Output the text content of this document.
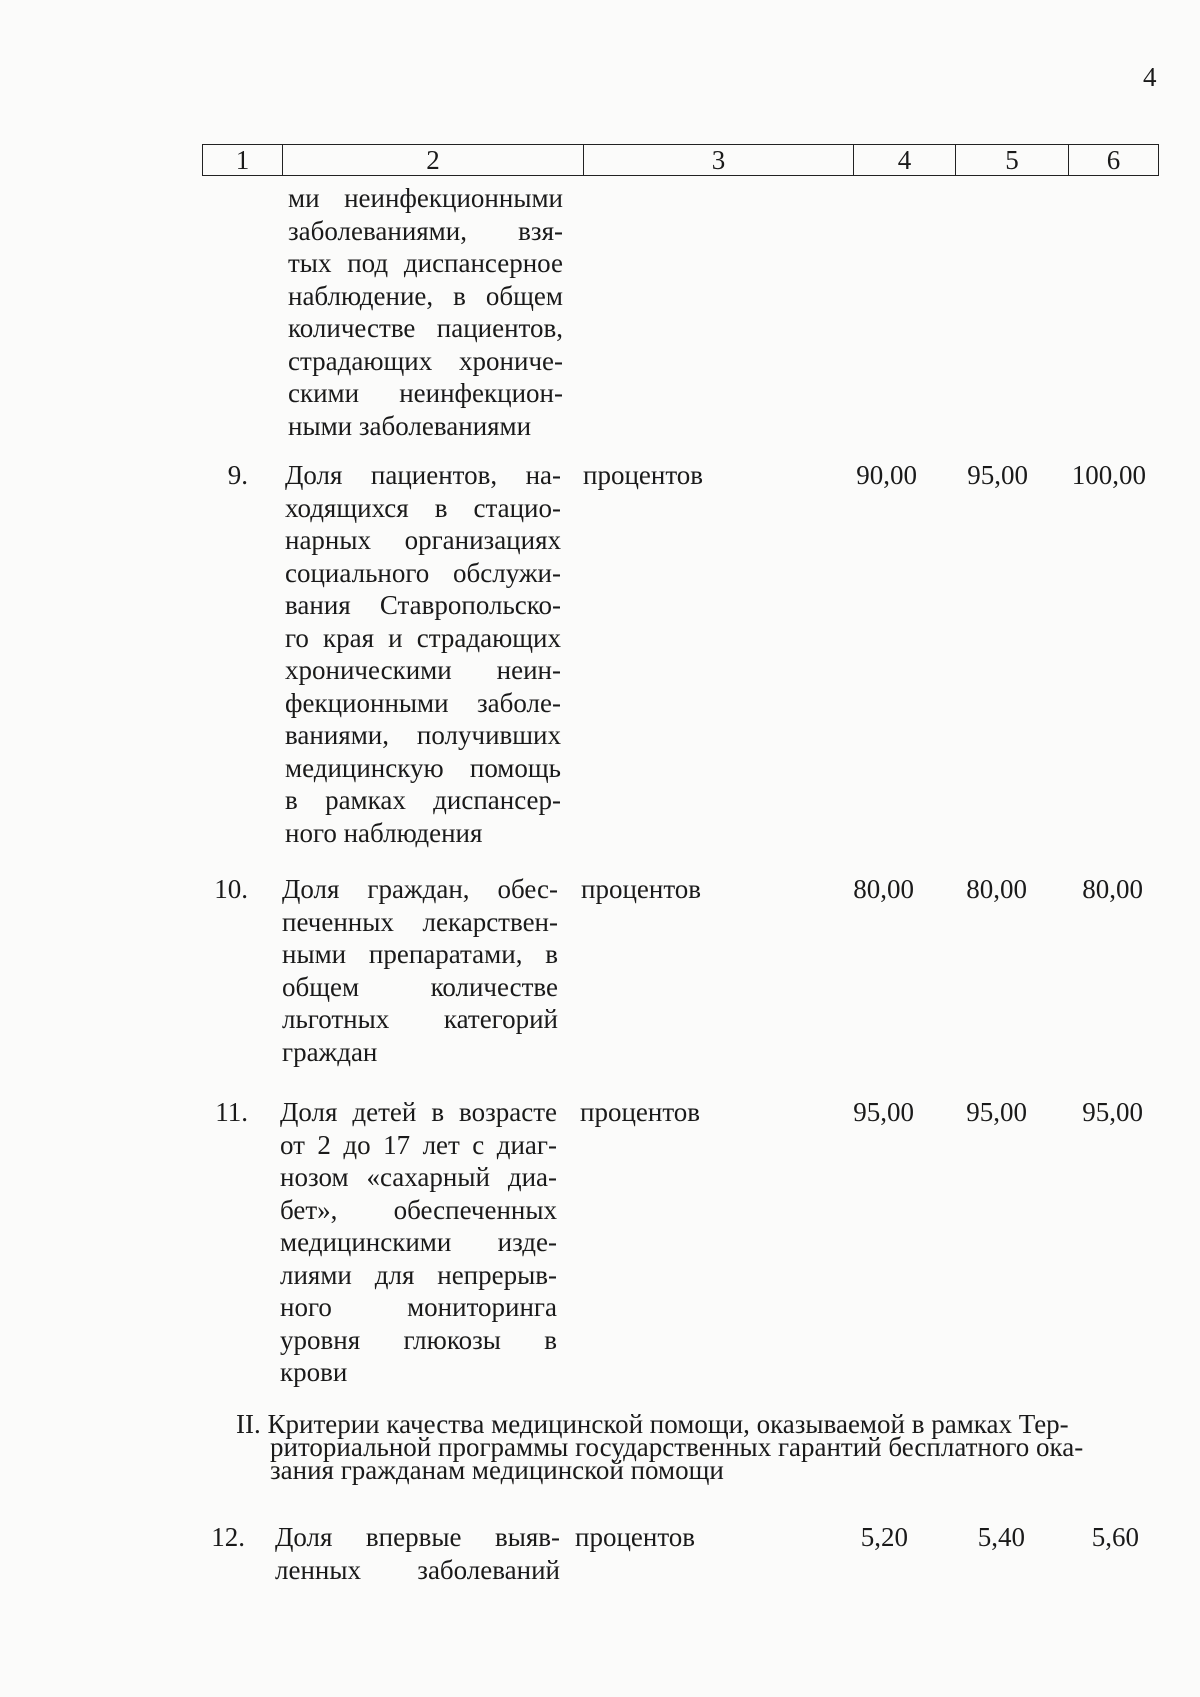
4
1	2	3	4	5	6
ми неинфекционными
заболеваниями, взя-
тых под диспансерное
наблюдение, в общем
количестве пациентов,
страдающих хрониче-
скими неинфекцион-
ными заболеваниями
9. Доля пациентов, на-
ходящихся в стацио-
нарных организациях
социального обслужи-
вания Ставропольско-
го края и страдающих
хроническими неин-
фекционными заболе-
ваниями, получивших
медицинскую помощь
в рамках диспансер-
ного наблюдения
процентов	90,00	95,00	100,00
10. Доля граждан, обес-
печенных лекарствен-
ными препаратами, в
общем количестве
льготных категорий
граждан
процентов	80,00	80,00	80,00
11. Доля детей в возрасте
от 2 до 17 лет с диаг-
нозом «сахарный диа-
бет», обеспеченных
медицинскими изде-
лиями для непрерыв-
ного мониторинга
уровня глюкозы в
крови
процентов	95,00	95,00	95,00
II. Критерии качества медицинской помощи, оказываемой в рамках Тер-
риториальной программы государственных гарантий бесплатного ока-
зания гражданам медицинской помощи
12. Доля впервые выяв-
ленных заболеваний
процентов	5,20	5,40	5,60
